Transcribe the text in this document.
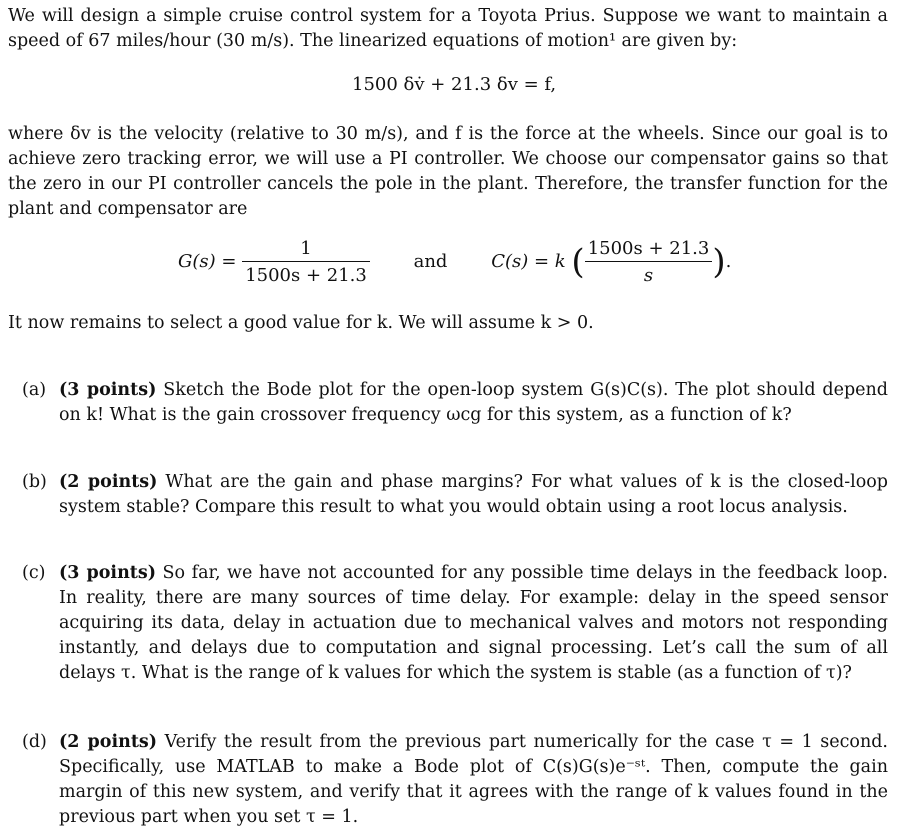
We will design a simple cruise control system for a Toyota Prius. Suppose we want to maintain a speed of 67 miles/hour (30 m/s). The linearized equations of motion¹ are given by:
1500 δv̇ + 21.3 δv = f,
where δv is the velocity (relative to 30 m/s), and f is the force at the wheels. Since our goal is to achieve zero tracking error, we will use a PI controller. We choose our compensator gains so that the zero in our PI controller cancels the pole in the plant. Therefore, the transfer function for the plant and compensator are
$G(s) = \frac{1}{1500s + 21.3}$ and C(s) = k ( $\frac{1500s + 21.3}{s}$ ).
It now remains to select a good value for k. We will assume k > 0.
(a) (3 points) Sketch the Bode plot for the open-loop system G(s)C(s). The plot should depend on k! What is the gain crossover frequency ωcg for this system, as a function of k?
(b) (2 points) What are the gain and phase margins? For what values of k is the closed-loop system stable? Compare this result to what you would obtain using a root locus analysis.
(c) (3 points) So far, we have not accounted for any possible time delays in the feedback loop. In reality, there are many sources of time delay. For example: delay in the speed sensor acquiring its data, delay in actuation due to mechanical valves and motors not responding instantly, and delays due to computation and signal processing. Let’s call the sum of all delays τ. What is the range of k values for which the system is stable (as a function of τ)?
(d) (2 points) Verify the result from the previous part numerically for the case τ = 1 second. Specifically, use MATLAB to make a Bode plot of C(s)G(s)e⁻ˢᵗ. Then, compute the gain margin of this new system, and verify that it agrees with the range of k values found in the previous part when you set τ = 1.
